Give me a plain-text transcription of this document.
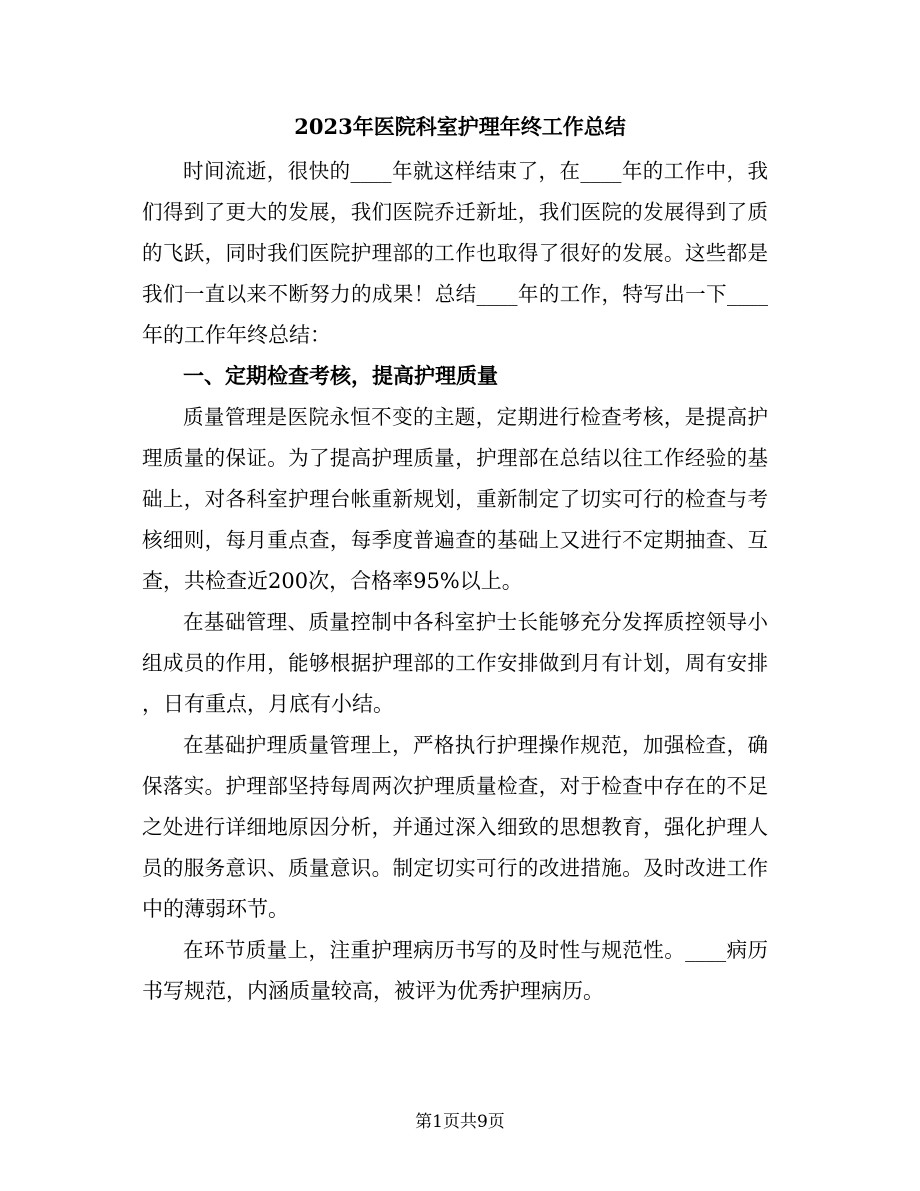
2023年医院科室护理年终工作总结
时间流逝，很快的____年就这样结束了，在____年的工作中，我
们得到了更大的发展，我们医院乔迁新址，我们医院的发展得到了质
的飞跃，同时我们医院护理部的工作也取得了很好的发展。这些都是
我们一直以来不断努力的成果！总结____年的工作，特写出一下____
年的工作年终总结：
一、定期检查考核，提高护理质量
质量管理是医院永恒不变的主题，定期进行检查考核，是提高护
理质量的保证。为了提高护理质量，护理部在总结以往工作经验的基
础上，对各科室护理台帐重新规划，重新制定了切实可行的检查与考
核细则，每月重点查，每季度普遍查的基础上又进行不定期抽查、互
查，共检查近200次，合格率95%以上。
在基础管理、质量控制中各科室护士长能够充分发挥质控领导小
组成员的作用，能够根据护理部的工作安排做到月有计划，周有安排
，日有重点，月底有小结。
在基础护理质量管理上，严格执行护理操作规范，加强检查，确
保落实。护理部坚持每周两次护理质量检查，对于检查中存在的不足
之处进行详细地原因分析，并通过深入细致的思想教育，强化护理人
员的服务意识、质量意识。制定切实可行的改进措施。及时改进工作
中的薄弱环节。
在环节质量上，注重护理病历书写的及时性与规范性。____病历
书写规范，内涵质量较高，被评为优秀护理病历。
第1页共9页
